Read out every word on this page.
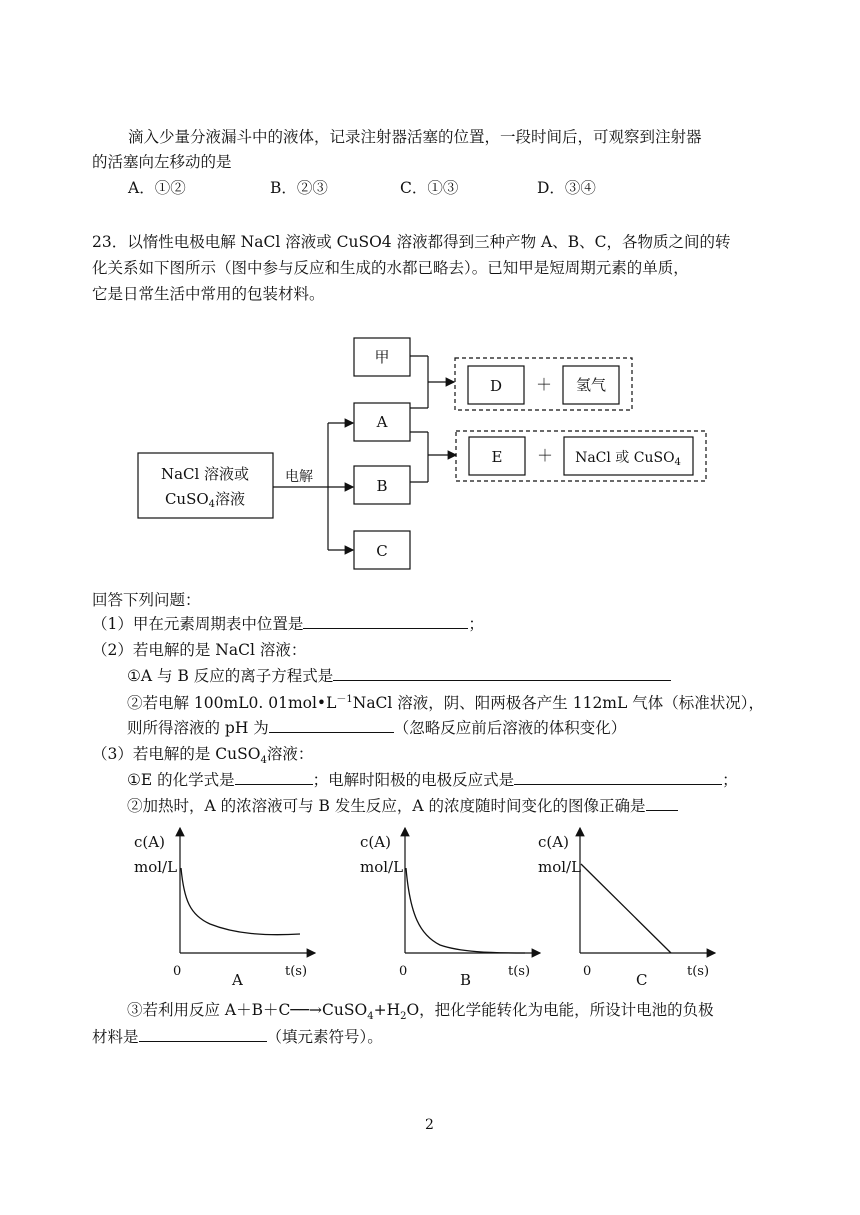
滴入少量分液漏斗中的液体，记录注射器活塞的位置，一段时间后，可观察到注射器
的活塞向左移动的是
A．①②	B．②③	C．①③	D．③④
23．以惰性电极电解 NaCl 溶液或 CuSO4 溶液都得到三种产物 A、B、C，各物质之间的转
化关系如下图所示（图中参与反应和生成的水都已略去）。已知甲是短周期元素的单质，
它是日常生活中常用的包装材料。
NaCl 溶液或
CuSO$_4$溶液
电解
甲
A
B
C
D ＋ 氢气
E ＋ NaCl 或 CuSO$_4$
回答下列问题：
（1）甲在元素周期表中位置是	；
（2）若电解的是 NaCl 溶液：
①A 与 B 反应的离子方程式是
②若电解 100mL0. $01mol•L^{-1}NaCl$ 溶液，阴、阳两极各产生 112mL 气体（标准状况），
则所得溶液的 pH 为	（忽略反应前后溶液的体积变化）
（3）若电解的是 CuSO$_4$溶液：
①E 的化学式是	；电解时阳极的电极反应式是	；
②加热时，A 的浓溶液可与 B 发生反应，A 的浓度随时间变化的图像正确是
c(A)
mol/L
0	t(s)
A
c(A)
mol/L
0	t(s)
B
c(A)
mol/L
0	t(s)
C
③若利用反应 $A+B+C──\to CuSO_4+H_2O$，把化学能转化为电能，所设计电池的负极
材料是	（填元素符号）。
2
